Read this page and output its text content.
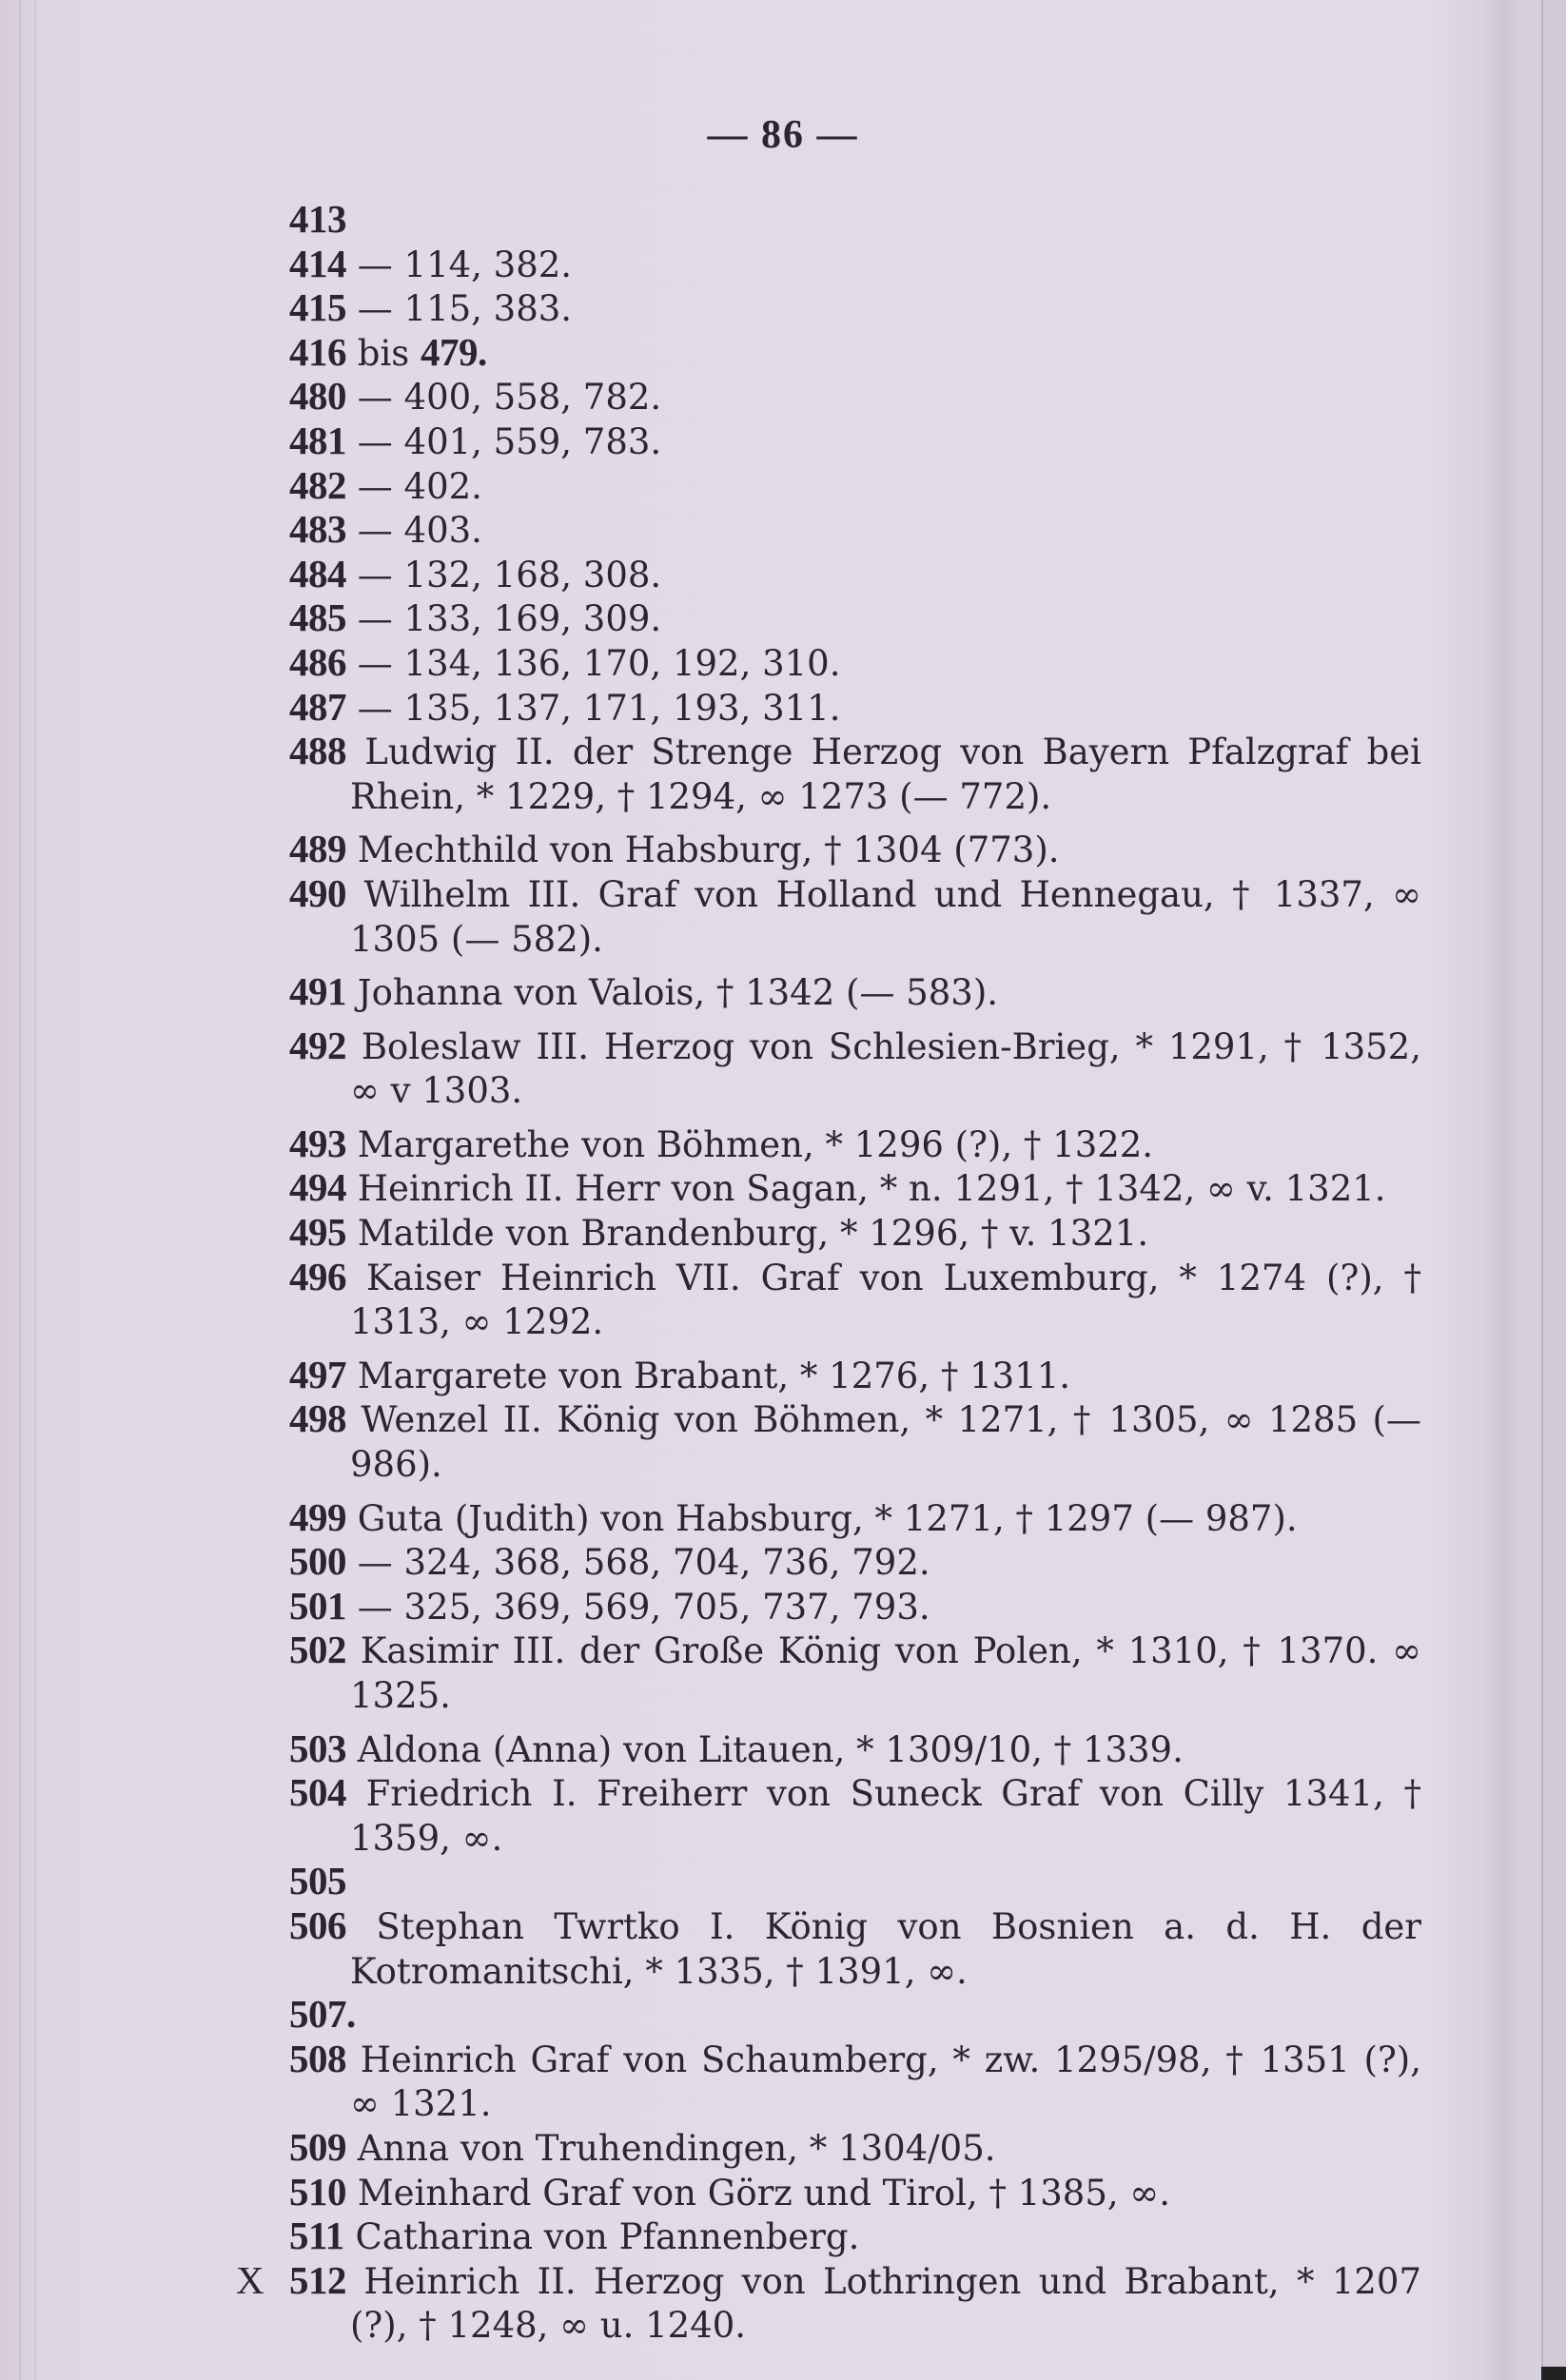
— 86 —
413
414 — 114, 382.
415 — 115, 383.
416 bis 479.
480 — 400, 558, 782.
481 — 401, 559, 783.
482 — 402.
483 — 403.
484 — 132, 168, 308.
485 — 133, 169, 309.
486 — 134, 136, 170, 192, 310.
487 — 135, 137, 171, 193, 311.
488 Ludwig II. der Strenge Herzog von Bayern Pfalzgraf bei Rhein, * 1229, † 1294, ∞ 1273 (— 772).
489 Mechthild von Habsburg, † 1304 (773).
490 Wilhelm III. Graf von Holland und Hennegau, † 1337, ∞ 1305 (— 582).
491 Johanna von Valois, † 1342 (— 583).
492 Boleslaw III. Herzog von Schlesien-Brieg, * 1291, † 1352, ∞ v 1303.
493 Margarethe von Böhmen, * 1296 (?), † 1322.
494 Heinrich II. Herr von Sagan, * n. 1291, † 1342, ∞ v. 1321.
495 Matilde von Brandenburg, * 1296, † v. 1321.
496 Kaiser Heinrich VII. Graf von Luxemburg, * 1274 (?), † 1313, ∞ 1292.
497 Margarete von Brabant, * 1276, † 1311.
498 Wenzel II. König von Böhmen, * 1271, † 1305, ∞ 1285 (— 986).
499 Guta (Judith) von Habsburg, * 1271, † 1297 (— 987).
500 — 324, 368, 568, 704, 736, 792.
501 — 325, 369, 569, 705, 737, 793.
502 Kasimir III. der Große König von Polen, * 1310, † 1370. ∞ 1325.
503 Aldona (Anna) von Litauen, * 1309/10, † 1339.
504 Friedrich I. Freiherr von Suneck Graf von Cilly 1341, † 1359, ∞.
505
506 Stephan Twrtko I. König von Bosnien a. d. H. der Kotromanitschi, * 1335, † 1391, ∞.
507.
508 Heinrich Graf von Schaumberg, * zw. 1295/98, † 1351 (?), ∞ 1321.
509 Anna von Truhendingen, * 1304/05.
510 Meinhard Graf von Görz und Tirol, † 1385, ∞.
511 Catharina von Pfannenberg.
X 512 Heinrich II. Herzog von Lothringen und Brabant, * 1207 (?), † 1248, ∞ u. 1240.
